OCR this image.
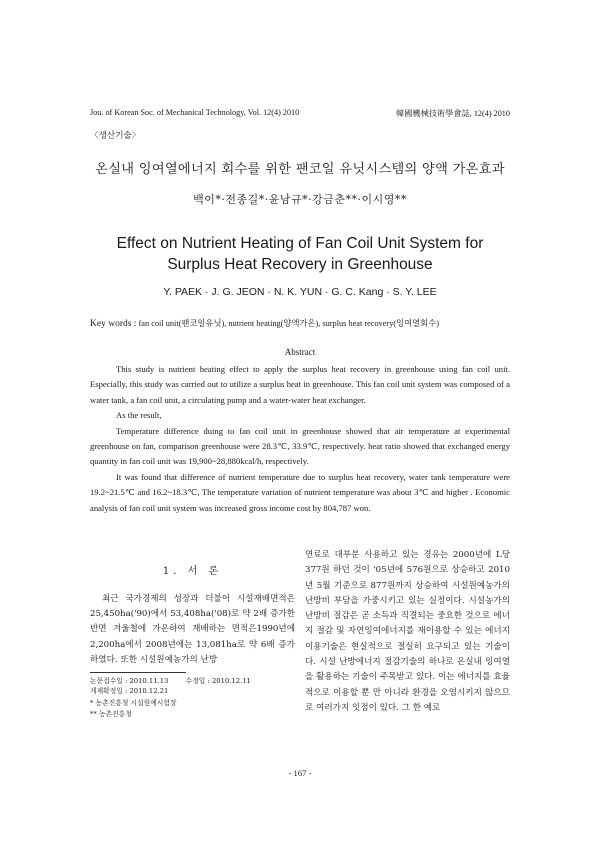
Jou. of Korean Soc. of Mechanical Technology, Vol. 12(4) 2010	韓國機械技術學會誌, 12(4) 2010
〈생산기술〉
온실내 잉여열에너지 회수를 위한 팬코일 유닛시스템의 양액 가온효과
백이*·전종길*·윤남규*·강금춘**·이시영**
Effect on Nutrient Heating of Fan Coil Unit System for
Surplus Heat Recovery in Greenhouse
Y. PAEK · J. G. JEON · N. K. YUN · G. C. Kang · S. Y. LEE
Key words : fan coil unit(팬코일유닛), nutrient heating(양액가온), surplus heat recovery(잉여열회수)
Abstract

This study is nutrient heating effect to apply the surplus heat recovery in greenhouse using fan coil unit. Especially, this study was carried out to utilize a surplus heat in greenhouse. This fan coil unit system was composed of a water tank, a fan coil unit, a circulating pump and a water-water heat exchanger.

As the result,

Temperature difference duing to fan coil unit in greenhouse showed that air temperature at experimental greenhouse on fan, comparison greenhouse were 28.3℃, 33.9℃, respectively. heat ratio showed that exchanged energy quantity in fan coil unit was 19,900~28,880kcal/h, respectively.

It was found that difference of nutrient temperature due to surplus heat recovery, water tank temperature were 19.2~21.5℃ and 16.2~18.3℃, The temperature variation of nutrient temperature was about 3℃ and higher . Economic analysis of fan coil unit system was increased gross income cost by 804,787 won.

1. 서 론

최근 국가경제의 성장과 더불어 시설재배면적은 25,450ha('90)에서 53,408ha('08)로 약 2배 증가한 반면 겨울철에 가온하여 재배하는 면적은1990년에 2,200ha에서 2008년에는 13,081ha로 약 6배 증가하였다. 또한 시설원예농가의 난방

연료로 대부분 사용하고 있는 경유는 2000년에 L당 377원 하던 것이 '05년에 576원으로 상승하고 2010년 5월 기준으로 877원까지 상승하여 시설원예농가의 난방비 부담을 가중시키고 있는 실정이다. 시설농가의 난방비 절감은 곧 소득과 직결되는 중요한 것으로 에너지 절감 및 자연잉여에너지를 재이용할 수 있는 에너지 이용기술은 현실적으로 절실히 요구되고 있는 기술이다. 시설 난방에너지 절감기술의 하나로 온실내 잉여열을 활용하는 기술이 주목받고 있다. 이는 에너지를 효율적으로 이용할 뿐 만 아니라 환경을 오염시키지 않으므로 여러가지 잇점이 있다. 그 한 예로

논문접수일 : 2010.11.13        수정일 : 2010.12.11
게재확정일 : 2010.12.21
* 농촌진흥청 시설원예시험장
** 농촌진흥청
- 167 -
